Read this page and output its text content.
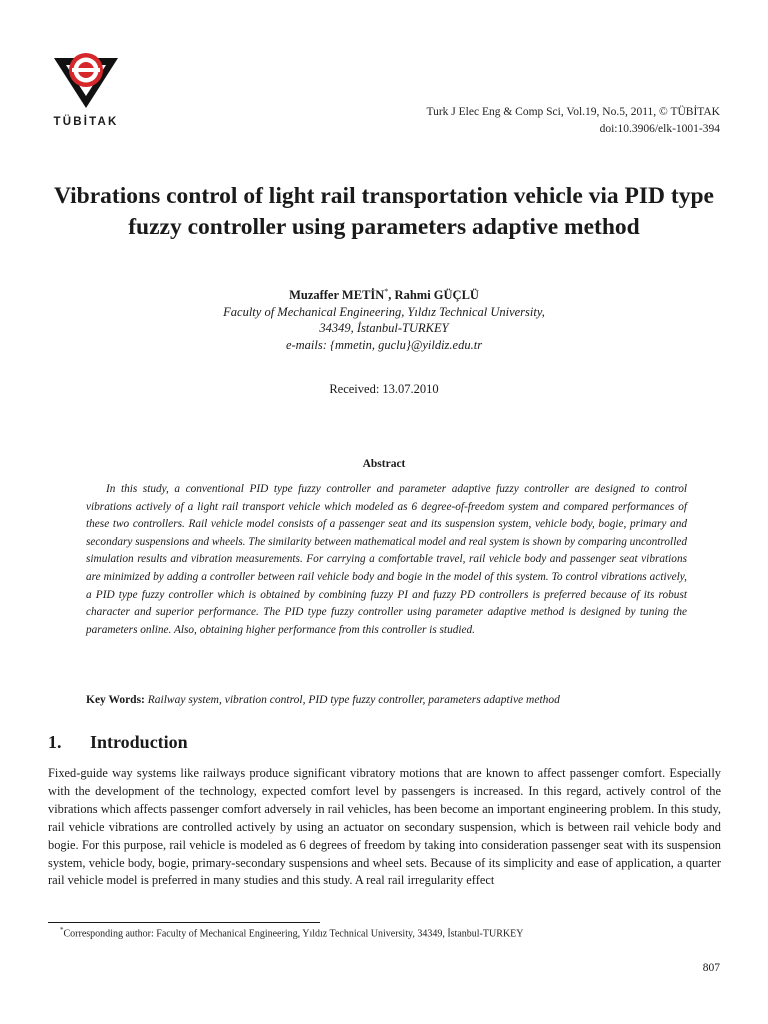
TÜBİTAK
Turk J Elec Eng & Comp Sci, Vol.19, No.5, 2011, © TÜBİTAK
doi:10.3906/elk-1001-394
Vibrations control of light rail transportation vehicle via PID type fuzzy controller using parameters adaptive method
Muzaffer METİN*, Rahmi GÜÇLÜ
Faculty of Mechanical Engineering, Yıldız Technical University,
34349, İstanbul-TURKEY
e-mails: {mmetin, guclu}@yildiz.edu.tr
Received: 13.07.2010
Abstract
In this study, a conventional PID type fuzzy controller and parameter adaptive fuzzy controller are designed to control vibrations actively of a light rail transport vehicle which modeled as 6 degree-of-freedom system and compared performances of these two controllers. Rail vehicle model consists of a passenger seat and its suspension system, vehicle body, bogie, primary and secondary suspensions and wheels. The similarity between mathematical model and real system is shown by comparing uncontrolled simulation results and vibration measurements. For carrying a comfortable travel, rail vehicle body and passenger seat vibrations are minimized by adding a controller between rail vehicle body and bogie in the model of this system. To control vibrations actively, a PID type fuzzy controller which is obtained by combining fuzzy PI and fuzzy PD controllers is preferred because of its robust character and superior performance. The PID type fuzzy controller using parameter adaptive method is designed by tuning the parameters online. Also, obtaining higher performance from this controller is studied.
Key Words: Railway system, vibration control, PID type fuzzy controller, parameters adaptive method
1. Introduction
Fixed-guide way systems like railways produce significant vibratory motions that are known to affect passenger comfort. Especially with the development of the technology, expected comfort level by passengers is increased. In this regard, actively control of the vibrations which affects passenger comfort adversely in rail vehicles, has been become an important engineering problem. In this study, rail vehicle vibrations are controlled actively by using an actuator on secondary suspension, which is between rail vehicle body and bogie. For this purpose, rail vehicle is modeled as 6 degrees of freedom by taking into consideration passenger seat with its suspension system, vehicle body, bogie, primary-secondary suspensions and wheel sets. Because of its simplicity and ease of application, a quarter rail vehicle model is preferred in many studies and this study. A real rail irregularity effect
*Corresponding author: Faculty of Mechanical Engineering, Yıldız Technical University, 34349, İstanbul-TURKEY
807
